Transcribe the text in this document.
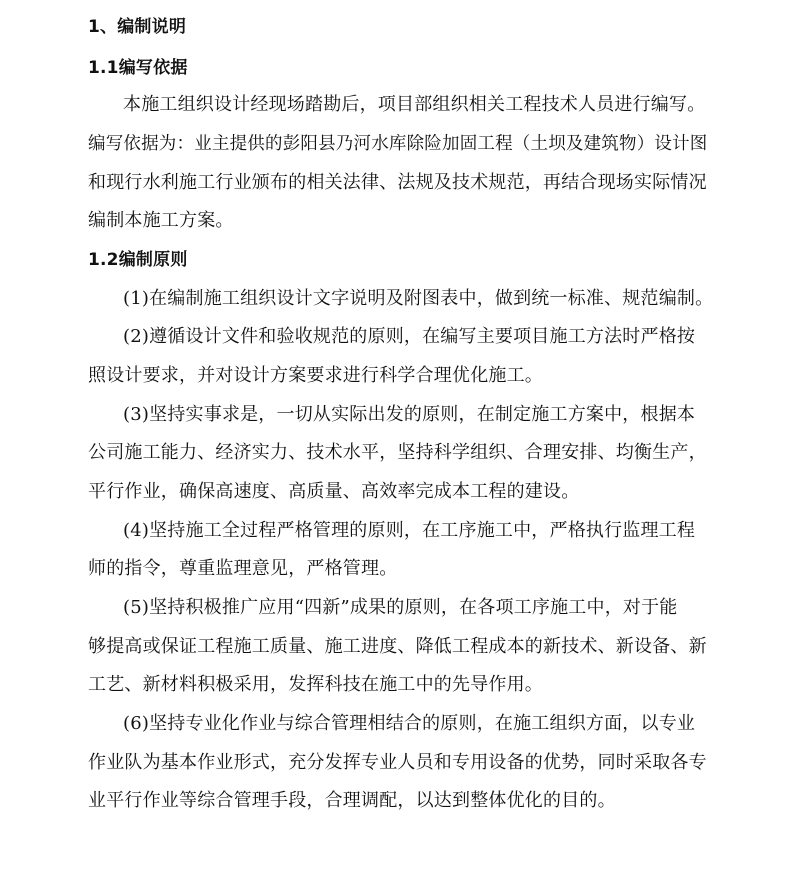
1、编制说明
1.1编写依据
本施工组织设计经现场踏勘后，项目部组织相关工程技术人员进行编写。
编写依据为：业主提供的彭阳县乃河水库除险加固工程（土坝及建筑物）设计图
和现行水利施工行业颁布的相关法律、法规及技术规范，再结合现场实际情况
编制本施工方案。
1.2编制原则
(1)在编制施工组织设计文字说明及附图表中，做到统一标准、规范编制。
(2)遵循设计文件和验收规范的原则，在编写主要项目施工方法时严格按
照设计要求，并对设计方案要求进行科学合理优化施工。
(3)坚持实事求是，一切从实际出发的原则，在制定施工方案中，根据本
公司施工能力、经济实力、技术水平，坚持科学组织、合理安排、均衡生产，
平行作业，确保高速度、高质量、高效率完成本工程的建设。
(4)坚持施工全过程严格管理的原则，在工序施工中，严格执行监理工程
师的指令，尊重监理意见，严格管理。
(5)坚持积极推广应用“四新”成果的原则，在各项工序施工中，对于能
够提高或保证工程施工质量、施工进度、降低工程成本的新技术、新设备、新
工艺、新材料积极采用，发挥科技在施工中的先导作用。
(6)坚持专业化作业与综合管理相结合的原则，在施工组织方面，以专业
作业队为基本作业形式，充分发挥专业人员和专用设备的优势，同时采取各专
业平行作业等综合管理手段，合理调配，以达到整体优化的目的。
